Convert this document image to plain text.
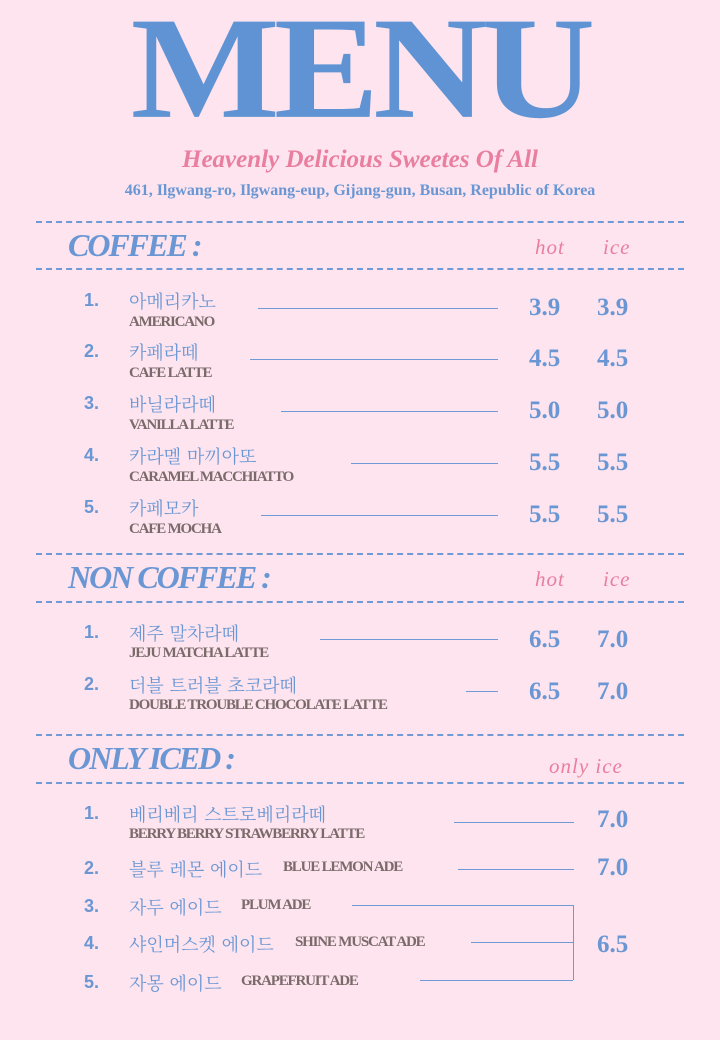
MENU
Heavenly Delicious Sweetes Of All
461, Ilgwang-ro, Ilgwang-eup, Gijang-gun, Busan, Republic of Korea
COFFEE :	hot ice
1. 아메리카노
AMERICANO
3.9 3.9
2. 카페라떼
CAFE LATTE
4.5 4.5
3. 바닐라라떼
VANILLA LATTE
5.0 5.0
4. 카라멜 마끼아또
CARAMEL MACCHIATTO
5.5 5.5
5. 카페모카
CAFE MOCHA
5.5 5.5
NON COFFEE :	hot ice
1. 제주 말차라떼
JEJU MATCHA LATTE	6.5 7.0
2. 더블 트러블 초코라떼
DOUBLE TROUBLE CHOCOLATE LATTE	6.5 7.0
ONLY ICED :	only ice
1. 베리베리 스트로베리라떼
BERRY BERRY STRAWBERRY LATTE
7.0
2. 블루 레몬 에이드 BLUE LEMON ADE	7.0
3. 자두 에이드 PLUM ADE
4. 샤인머스켓 에이드 SHINE MUSCAT ADE
5. 자몽 에이드 GRAPEFRUIT ADE
6.5
